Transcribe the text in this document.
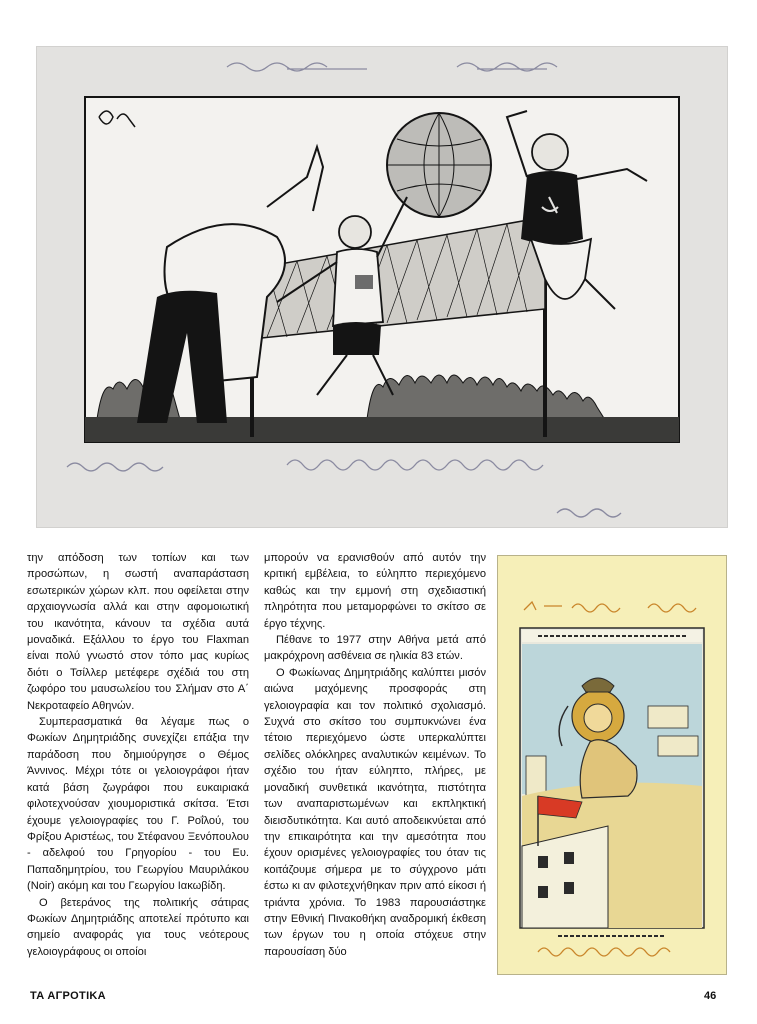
την απόδοση των τοπίων και των προσώπων, η σωστή αναπαράσταση εσωτερικών χώρων κλπ. που οφείλεται στην αρχαιογνωσία αλλά και στην αφομοιωτική του ικανότητα, κάνουν τα σχέδια αυτά μοναδικά. Εξάλλου το έργο του Flaxman είναι πολύ γνωστό στον τόπο μας κυρίως διότι ο Τσίλλερ μετέφερε σχέδιά του στη ζωφόρο του μαυσωλείου του Σλήμαν στο Α΄ Νεκροταφείο Αθηνών.

Συμπερασματικά θα λέγαμε πως ο Φωκίων Δημητριάδης συνεχίζει επάξια την παράδοση που δημιούργησε ο Θέμος Άννινος. Μέχρι τότε οι γελοιογράφοι ήταν κατά βάση ζωγράφοι που ευκαιριακά φιλοτεχνούσαν χιουμοριστικά σκίτσα. Έτσι έχουμε γελοιογραφίες του Γ. Ροΐλού, του Φρίξου Αριστέως, του Στέφανου Ξενόπουλου - αδελφού του Γρηγορίου - του Ευ. Παπαδημητρίου, του Γεωργίου Μαυριλάκου (Noir) ακόμη και του Γεωργίου Ιακωβίδη.

Ο βετεράνος της πολιτικής σάτιρας Φωκίων Δημητριάδης αποτελεί πρότυπο και σημείο αναφοράς για τους νεότερους γελοιογράφους οι οποίοι

μπορούν να ερανισθούν από αυτόν την κριτική εμβέλεια, το εύληπτο περιεχόμενο καθώς και την εμμονή στη σχεδιαστική πληρότητα που μεταμορφώνει το σκίτσο σε έργο τέχνης.

Πέθανε το 1977 στην Αθήνα μετά από μακρόχρονη ασθένεια σε ηλικία 83 ετών.

Ο Φωκίωνας Δημητριάδης καλύπτει μισόν αιώνα μαχόμενης προσφοράς στη γελοιογραφία και τον πολιτικό σχολιασμό. Συχνά στο σκίτσο του συμπυκνώνει ένα τέτοιο περιεχόμενο ώστε υπερκαλύπτει σελίδες ολόκληρες αναλυτικών κειμένων. Το σχέδιο του ήταν εύληπτο, πλήρες, με μοναδική συνθετικά ικανότητα, πιστότητα των αναπαριστωμένων και εκπληκτική διεισδυτικότητα. Και αυτό αποδεικνύεται από την επικαιρότητα και την αμεσότητα που έχουν ορισμένες γελοιογραφίες του όταν τις κοιτάζουμε σήμερα με το σύγχρονο μάτι έστω κι αν φιλοτεχνήθηκαν πριν από είκοσι ή τριάντα χρόνια. Το 1983 παρουσιάστηκε στην Εθνική Πινακοθήκη αναδρομική έκθεση των έργων του η οποία στόχευε στην παρουσίαση δύο

ΤΑ ΑΓΡΟΤΙΚΑ	46
